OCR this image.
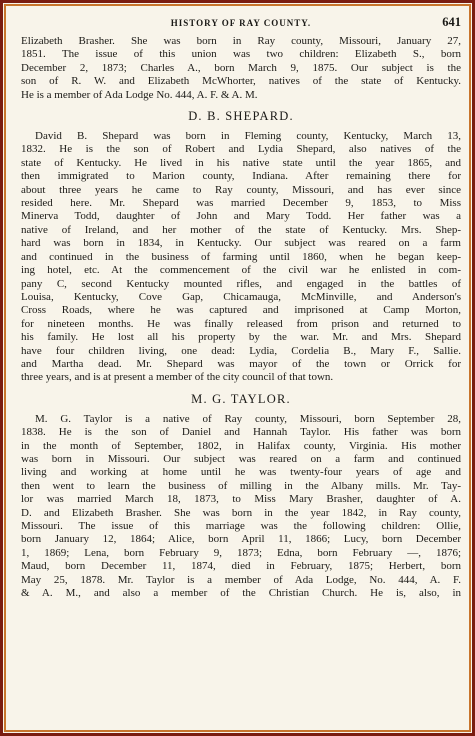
HISTORY OF RAY COUNTY.	641

Elizabeth Brasher. She was born in Ray county, Missouri, January 27,

1851. The issue of this union was two children: Elizabeth S., born

December 2, 1873; Charles A., born March 9, 1875. Our subject is the

son of R. W. and Elizabeth McWhorter, natives of the state of Kentucky.

He is a member of Ada Lodge No. 444, A. F. & A. M.

D. B. SHEPARD.

David B. Shepard was born in Fleming county, Kentucky, March 13,

1832. He is the son of Robert and Lydia Shepard, also natives of the

state of Kentucky. He lived in his native state until the year 1865, and

then immigrated to Marion county, Indiana. After remaining there for

about three years he came to Ray county, Missouri, and has ever since

resided here. Mr. Shepard was married December 9, 1853, to Miss

Minerva Todd, daughter of John and Mary Todd. Her father was a

native of Ireland, and her mother of the state of Kentucky. Mrs. Shep-

hard was born in 1834, in Kentucky. Our subject was reared on a farm

and continued in the business of farming until 1860, when he began keep-

ing hotel, etc. At the commencement of the civil war he enlisted in com-

pany C, second Kentucky mounted rifles, and engaged in the battles of

Louisa, Kentucky, Cove Gap, Chicamauga, McMinville, and Anderson's

Cross Roads, where he was captured and imprisoned at Camp Morton,

for nineteen months. He was finally released from prison and returned to

his family. He lost all his property by the war. Mr. and Mrs. Shepard

have four children living, one dead: Lydia, Cordelia B., Mary F., Sallie.

and Martha dead. Mr. Shepard was mayor of the town or Orrick for

three years, and is at present a member of the city council of that town.

M. G. TAYLOR.

M. G. Taylor is a native of Ray county, Missouri, born September 28,

1838. He is the son of Daniel and Hannah Taylor. His father was born

in the month of September, 1802, in Halifax county, Virginia. His mother

was born in Missouri. Our subject was reared on a farm and continued

living and working at home until he was twenty-four years of age and

then went to learn the business of milling in the Albany mills. Mr. Tay-

lor was married March 18, 1873, to Miss Mary Brasher, daughter of A.

D. and Elizabeth Brasher. She was born in the year 1842, in Ray county,

Missouri. The issue of this marriage was the following children: Ollie,

born January 12, 1864; Alice, born April 11, 1866; Lucy, born December

1, 1869; Lena, born February 9, 1873; Edna, born February —, 1876;

Maud, born December 11, 1874, died in February, 1875; Herbert, born

May 25, 1878. Mr. Taylor is a member of Ada Lodge, No. 444, A. F.

& A. M., and also a member of the Christian Church. He is, also, in
